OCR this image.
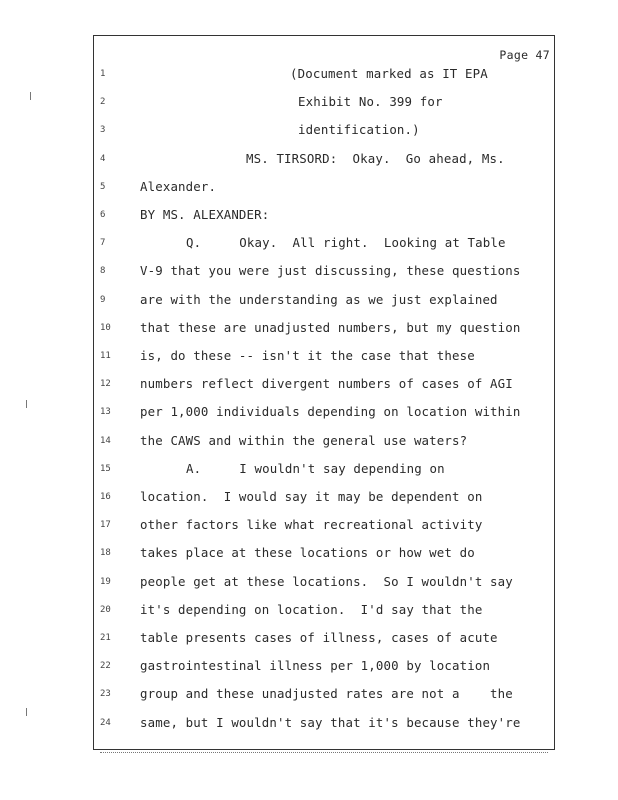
Page 47
1	(Document marked as IT EPA
2	Exhibit No. 399 for
3	identification.)
4	MS. TIRSORD:  Okay.  Go ahead, Ms.
5	Alexander.
6	BY MS. ALEXANDER:
7	Q.     Okay.  All right.  Looking at Table
8	V-9 that you were just discussing, these questions
9	are with the understanding as we just explained
10	that these are unadjusted numbers, but my question
11	is, do these -- isn't it the case that these
12	numbers reflect divergent numbers of cases of AGI
13	per 1,000 individuals depending on location within
14	the CAWS and within the general use waters?
15	A.     I wouldn't say depending on
16	location.  I would say it may be dependent on
17	other factors like what recreational activity
18	takes place at these locations or how wet do
19	people get at these locations.  So I wouldn't say
20	it's depending on location.  I'd say that the
21	table presents cases of illness, cases of acute
22	gastrointestinal illness per 1,000 by location
23	group and these unadjusted rates are not a    the
24	same, but I wouldn't say that it's because they're
